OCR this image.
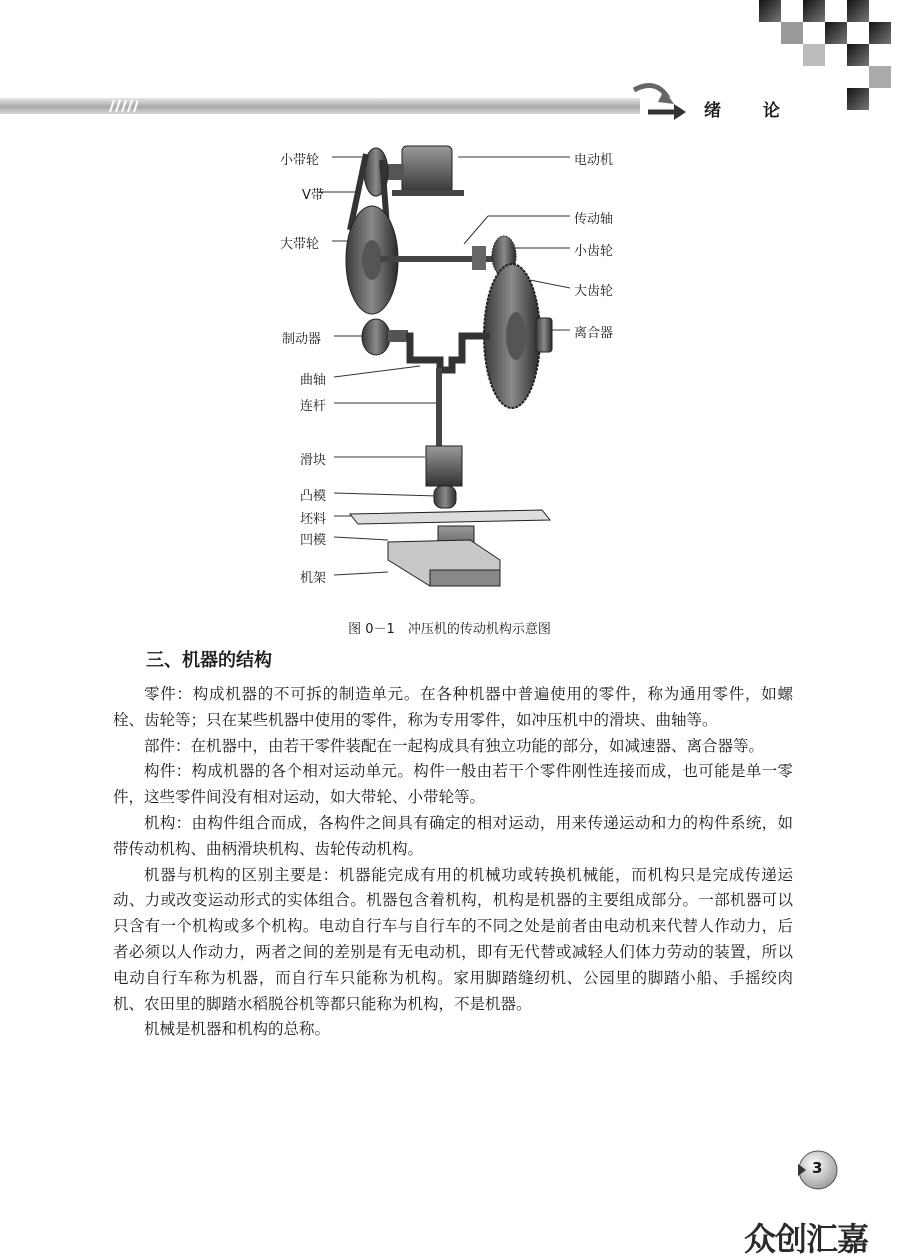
绪 论
小带轮
V带
大带轮
制动器
曲轴
连杆
滑块
凸模
坯料
凹模
机架
电动机
传动轴
小齿轮
大齿轮
离合器
图 0－1　冲压机的传动机构示意图
三、机器的结构

零件：构成机器的不可拆的制造单元。在各种机器中普遍使用的零件，称为通用零件，如螺栓、齿轮等；只在某些机器中使用的零件，称为专用零件，如冲压机中的滑块、曲轴等。

部件：在机器中，由若干零件装配在一起构成具有独立功能的部分，如减速器、离合器等。

构件：构成机器的各个相对运动单元。构件一般由若干个零件刚性连接而成，也可能是单一零件，这些零件间没有相对运动，如大带轮、小带轮等。

机构：由构件组合而成，各构件之间具有确定的相对运动，用来传递运动和力的构件系统，如带传动机构、曲柄滑块机构、齿轮传动机构。

机器与机构的区别主要是：机器能完成有用的机械功或转换机械能，而机构只是完成传递运动、力或改变运动形式的实体组合。机器包含着机构，机构是机器的主要组成部分。一部机器可以只含有一个机构或多个机构。电动自行车与自行车的不同之处是前者由电动机来代替人作动力，后者必须以人作动力，两者之间的差别是有无电动机，即有无代替或减轻人们体力劳动的装置，所以电动自行车称为机器，而自行车只能称为机构。家用脚踏缝纫机、公园里的脚踏小船、手摇绞肉机、农田里的脚踏水稻脱谷机等都只能称为机构，不是机器。

机械是机器和机构的总称。

3
众创汇嘉
